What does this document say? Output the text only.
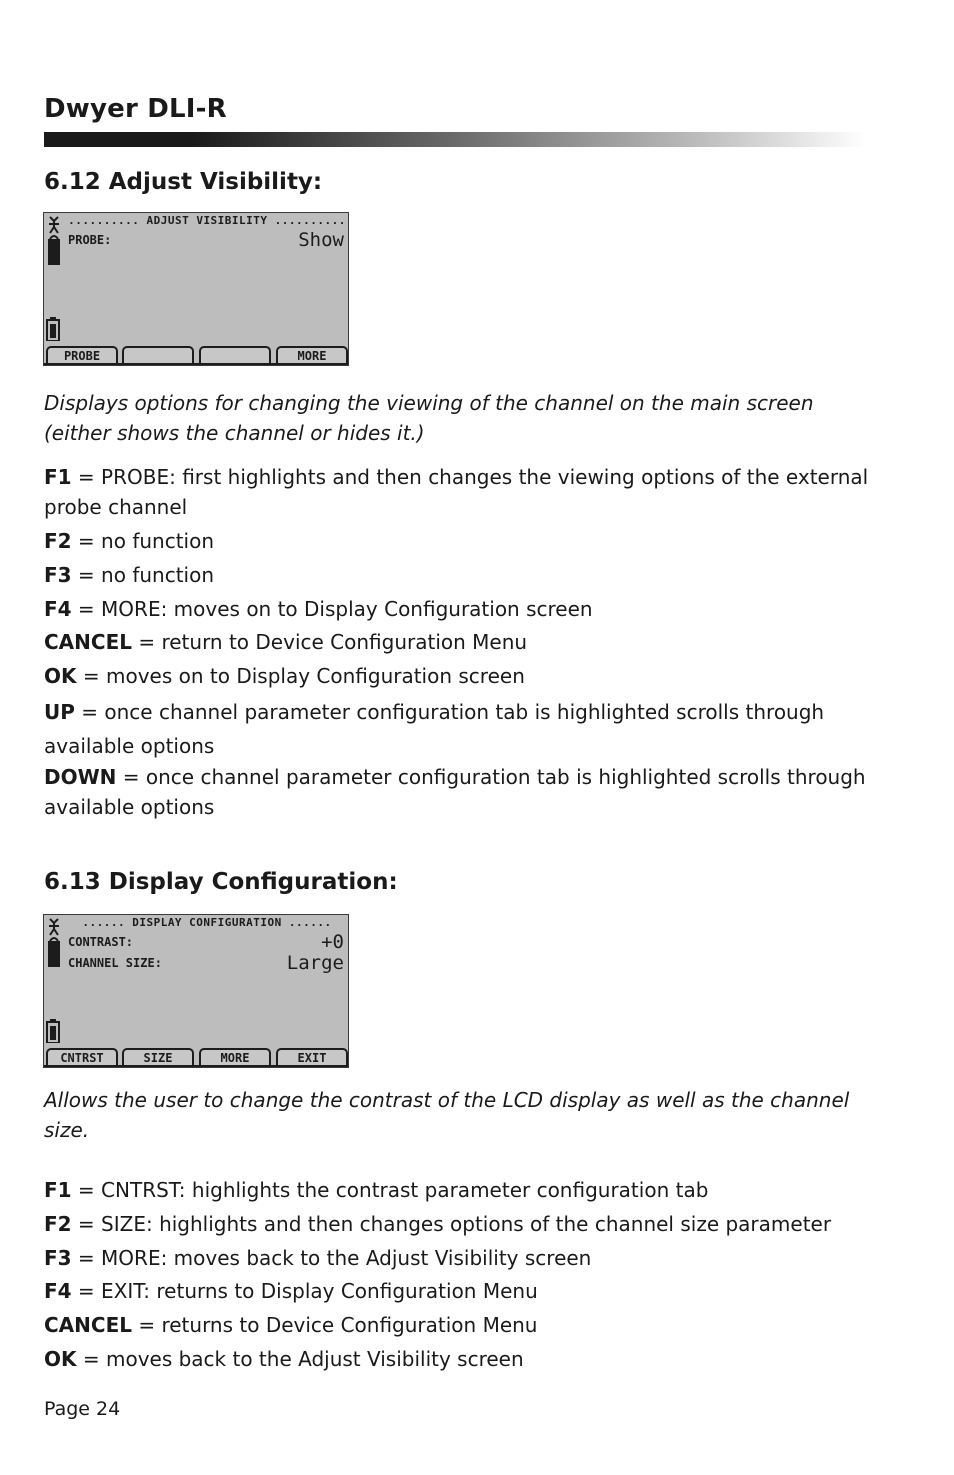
Dwyer DLI-R
6.12 Adjust Visibility:
.......... ADJUST VISIBILITY ..........
PROBE:	Show
PROBE	MORE
Displays options for changing the viewing of the channel on the main screen (either shows the channel or hides it.)
F1 = PROBE: first highlights and then changes the viewing options of the external probe channel
F2 = no function
F3 = no function
F4 = MORE: moves on to Display Configuration screen
CANCEL = return to Device Configuration Menu
OK = moves on to Display Configuration screen
UP = once channel parameter configuration tab is highlighted scrolls through available options
DOWN = once channel parameter configuration tab is highlighted scrolls through available options
6.13 Display Configuration:
...... DISPLAY CONFIGURATION ......
CONTRAST:	+0
CHANNEL SIZE:	Large
CNTRST	SIZE	MORE	EXIT
Allows the user to change the contrast of the LCD display as well as the channel size.
F1 = CNTRST: highlights the contrast parameter configuration tab
F2 = SIZE: highlights and then changes options of the channel size parameter
F3 = MORE: moves back to the Adjust Visibility screen
F4 = EXIT: returns to Display Configuration Menu
CANCEL = returns to Device Configuration Menu
OK = moves back to the Adjust Visibility screen
Page 24
